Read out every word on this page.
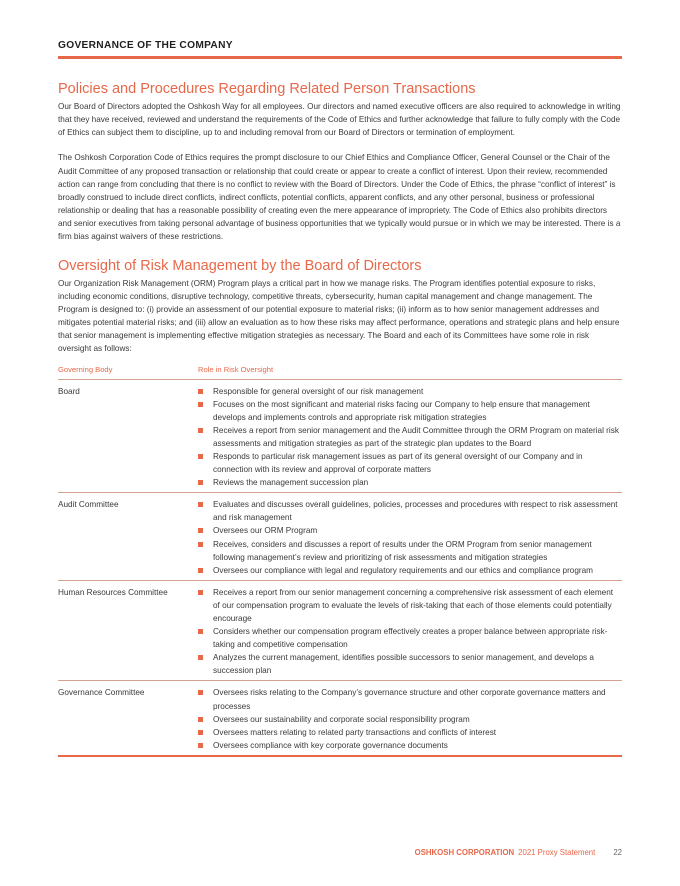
GOVERNANCE OF THE COMPANY
Policies and Procedures Regarding Related Person Transactions

Our Board of Directors adopted the Oshkosh Way for all employees. Our directors and named executive officers are also required to acknowledge in writing that they have received, reviewed and understand the requirements of the Code of Ethics and further acknowledge that failure to fully comply with the Code of Ethics can subject them to discipline, up to and including removal from our Board of Directors or termination of employment.

The Oshkosh Corporation Code of Ethics requires the prompt disclosure to our Chief Ethics and Compliance Officer, General Counsel or the Chair of the Audit Committee of any proposed transaction or relationship that could create or appear to create a conflict of interest. Upon their review, recommended action can range from concluding that there is no conflict to review with the Board of Directors. Under the Code of Ethics, the phrase “conflict of interest” is broadly construed to include direct conflicts, indirect conflicts, potential conflicts, apparent conflicts, and any other personal, business or professional relationship or dealing that has a reasonable possibility of creating even the mere appearance of impropriety. The Code of Ethics also prohibits directors and senior executives from taking personal advantage of business opportunities that we typically would pursue or in which we may be interested. There is a firm bias against waivers of these restrictions.

Oversight of Risk Management by the Board of Directors

Our Organization Risk Management (ORM) Program plays a critical part in how we manage risks. The Program identifies potential exposure to risks, including economic conditions, disruptive technology, competitive threats, cybersecurity, human capital management and change management. The Program is designed to: (i) provide an assessment of our potential exposure to material risks; (ii) inform as to how senior management addresses and mitigates potential material risks; and (iii) allow an evaluation as to how these risks may affect performance, operations and strategic plans and help ensure that senior management is implementing effective mitigation strategies as necessary. The Board and each of its Committees have some role in risk oversight as follows:

Governing Body	Role in Risk Oversight
Board	Responsible for general oversight of our risk management
Focuses on the most significant and material risks facing our Company to help ensure that management develops and implements controls and appropriate risk mitigation strategies
Receives a report from senior management and the Audit Committee through the ORM Program on material risk assessments and mitigation strategies as part of the strategic plan updates to the Board
Responds to particular risk management issues as part of its general oversight of our Company and in connection with its review and approval of corporate matters
Reviews the management succession plan
Audit Committee	Evaluates and discusses overall guidelines, policies, processes and procedures with respect to risk assessment and risk management
Oversees our ORM Program
Receives, considers and discusses a report of results under the ORM Program from senior management following management’s review and prioritizing of risk assessments and mitigation strategies
Oversees our compliance with legal and regulatory requirements and our ethics and compliance program
Human Resources Committee	Receives a report from our senior management concerning a comprehensive risk assessment of each element of our compensation program to evaluate the levels of risk-taking that each of those elements could potentially encourage
Considers whether our compensation program effectively creates a proper balance between appropriate risk-taking and competitive compensation
Analyzes the current management, identifies possible successors to senior management, and develops a succession plan
Governance Committee	Oversees risks relating to the Company’s governance structure and other corporate governance matters and processes
Oversees our sustainability and corporate social responsibility program
Oversees matters relating to related party transactions and conflicts of interest
Oversees compliance with key corporate governance documents
OSHKOSH CORPORATION 2021 Proxy Statement 22
